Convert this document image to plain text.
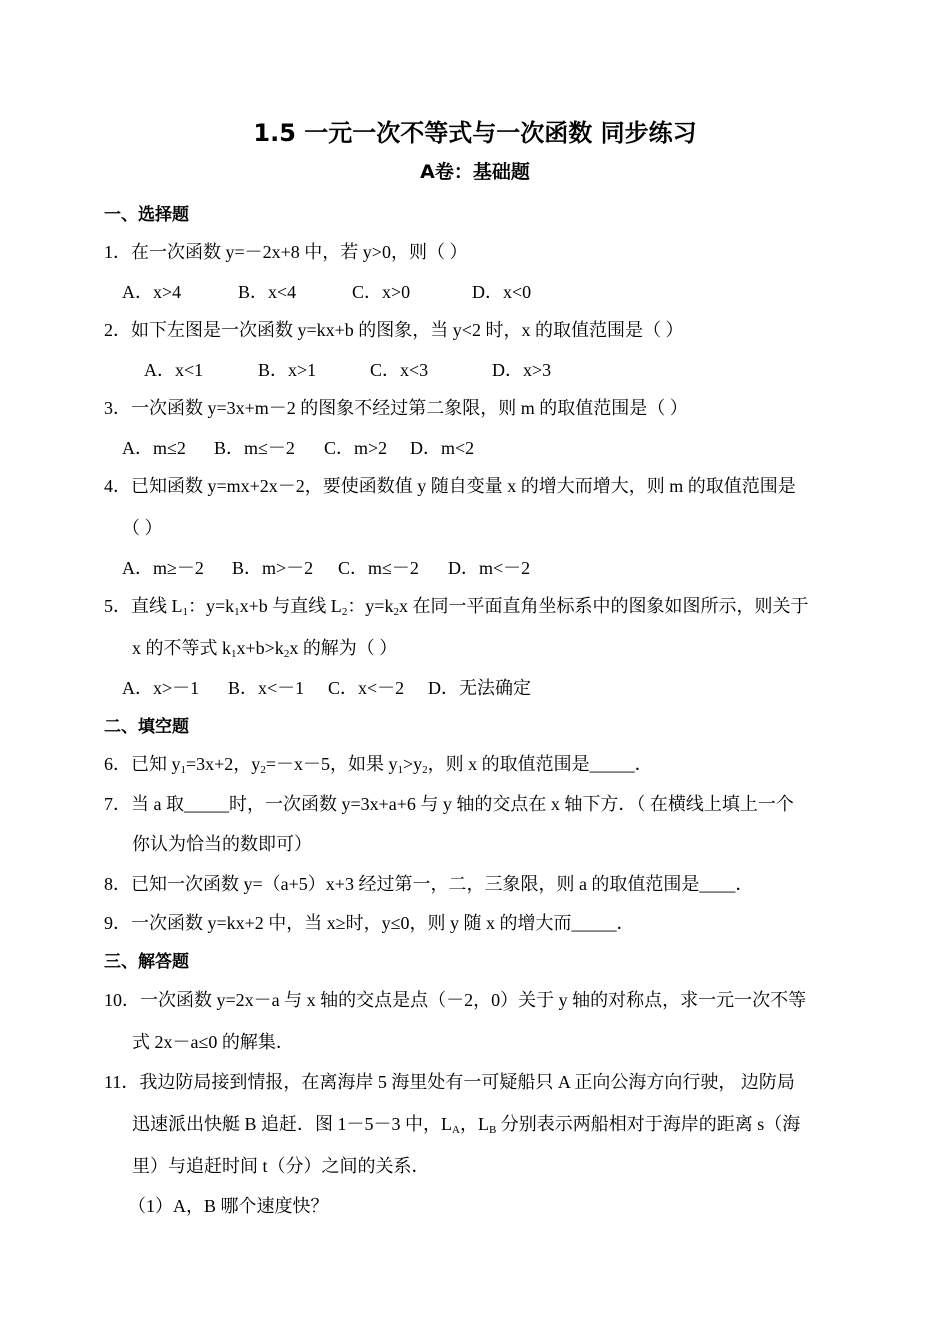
1.5 一元一次不等式与一次函数 同步练习
A卷：基础题
一、选择题
1．在一次函数 y=－2x+8 中，若 y>0，则（ ）
A．x>4	B．x<4	C．x>0	D．x<0
2．如下左图是一次函数 y=kx+b 的图象，当 y<2 时，x 的取值范围是（ ）
A．x<1	B．x>1	C．x<3	D．x>3
3．一次函数 y=3x+m－2 的图象不经过第二象限，则 m 的取值范围是（ ）
A．m≤2 B．m≤－2 C．m>2 D．m<2
4．已知函数 y=mx+2x－2，要使函数值 y 随自变量 x 的增大而增大，则 m 的取值范围是
（ ）
A．m≥－2 B．m>－2 C．m≤－2 D．m<－2
5．直线 $L_1$：$y=k_1x+b$ 与直线 $L_2$：$y=k_2x$ 在同一平面直角坐标系中的图象如图所示，则关于
x 的不等式 $k_1x+b>k_2x$ 的解为（ ）
A．x>－1 B．x<－1 C．x<－2 D．无法确定
二、填空题
6．已知 $y_1=3x+2$，$y_2=-x-5$，如果 $y_1>y_2$，则 x 的取值范围是_____．
7．当 a 取_____时，一次函数 y=3x+a+6 与 y 轴的交点在 x 轴下方．（ 在横线上填上一个
你认为恰当的数即可）
8．已知一次函数 y=（a+5）x+3 经过第一，二，三象限，则 a 的取值范围是____．
9．一次函数 y=kx+2 中，当 x≥时，y≤0，则 y 随 x 的增大而_____．
三、解答题
10．一次函数 y=2x－a 与 x 轴的交点是点（－2，0）关于 y 轴的对称点，求一元一次不等
式 2x－a≤0 的解集．
11．我边防局接到情报，在离海岸 5 海里处有一可疑船只 A 正向公海方向行驶， 边防局
迅速派出快艇 B 追赶．图 1－5－3 中，$L_A$，$L_B$ 分别表示两船相对于海岸的距离 s（海
里）与追赶时间 t（分）之间的关系．
（1）A，B 哪个速度快？
